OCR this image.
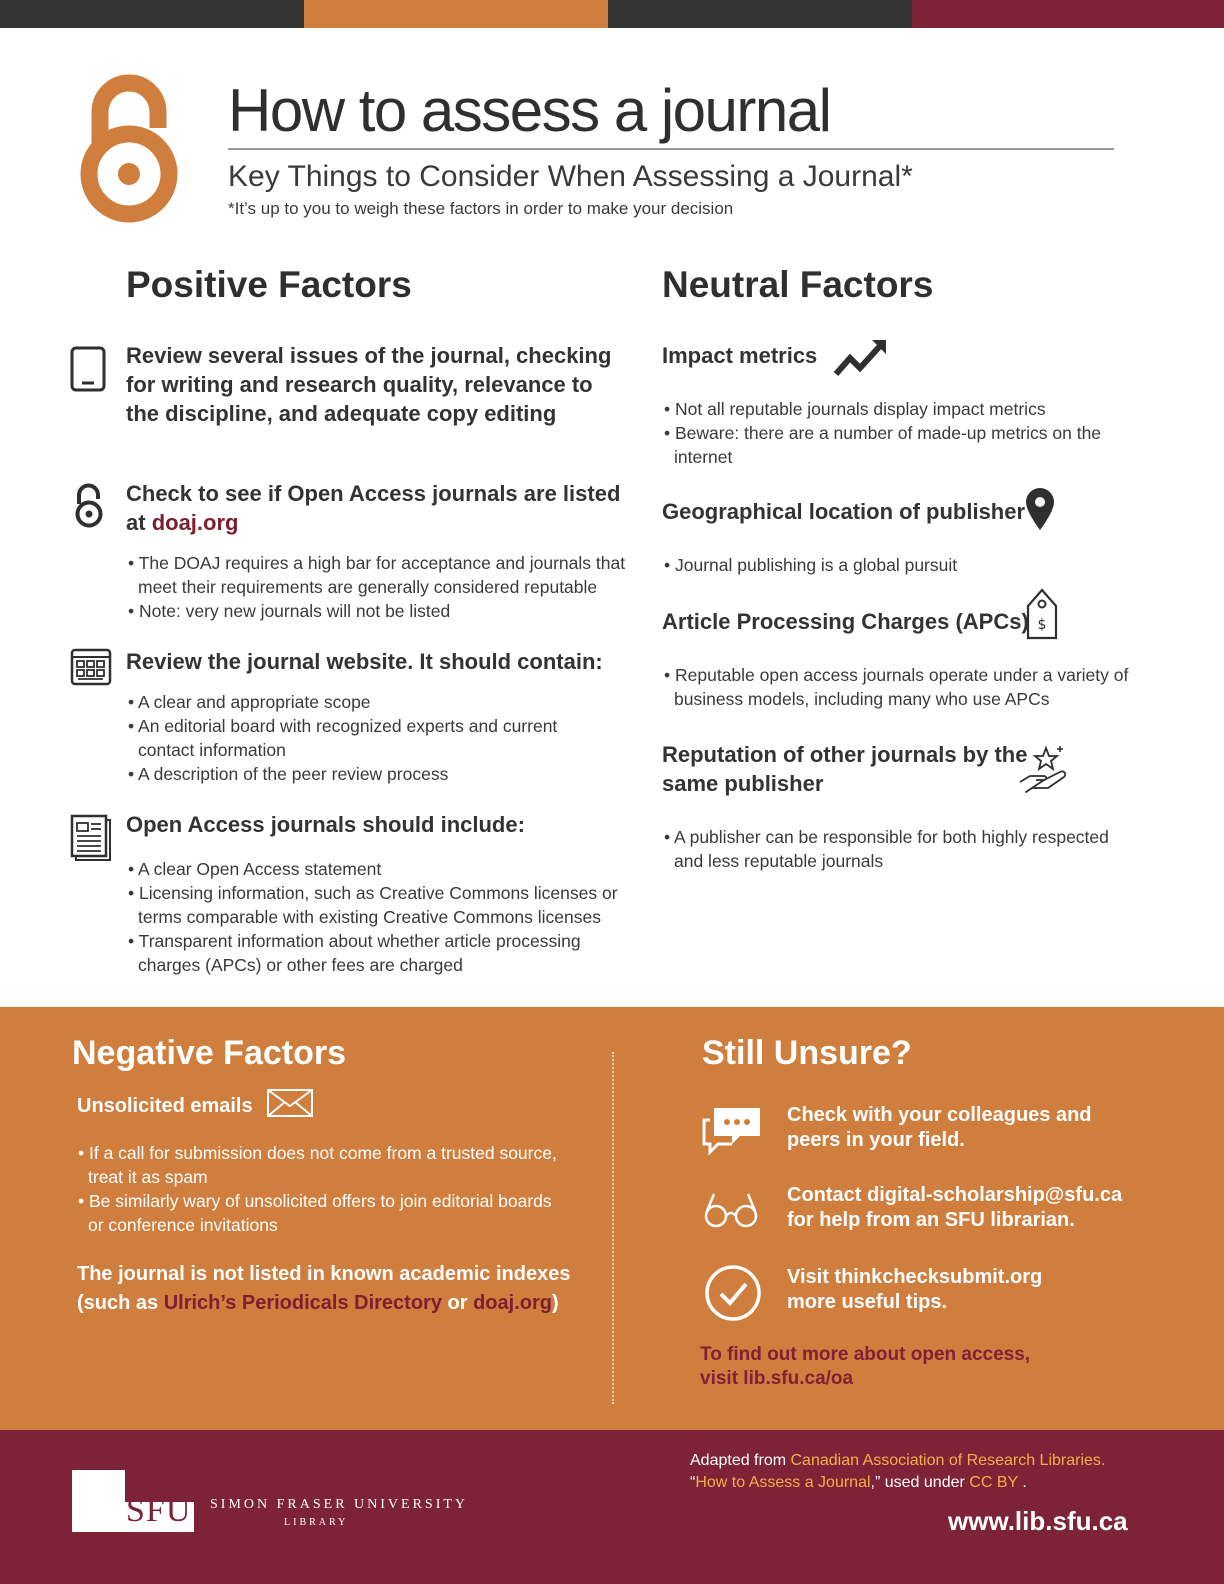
How to assess a journal
Key Things to Consider When Assessing a Journal*
*It’s up to you to weigh these factors in order to make your decision
Positive Factors
Review several issues of the journal, checking for writing and research quality, relevance to the discipline, and adequate copy editing
Check to see if Open Access journals are listed at doaj.org
• The DOAJ requires a high bar for acceptance and journals that meet their requirements are generally considered reputable
• Note: very new journals will not be listed
Review the journal website. It should contain:
• A clear and appropriate scope
• An editorial board with recognized experts and current contact information
• A description of the peer review process
Open Access journals should include:
• A clear Open Access statement
• Licensing information, such as Creative Commons licenses or terms comparable with existing Creative Commons licenses
• Transparent information about whether article processing charges (APCs) or other fees are charged
Neutral Factors
Impact metrics
• Not all reputable journals display impact metrics
• Beware: there are a number of made-up metrics on the internet
Geographical location of publisher
• Journal publishing is a global pursuit
Article Processing Charges (APCs) $
• Reputable open access journals operate under a variety of business models, including many who use APCs
Reputation of other journals by the same publisher
• A publisher can be responsible for both highly respected and less reputable journals
Negative Factors
Unsolicited emails
• If a call for submission does not come from a trusted source, treat it as spam
• Be similarly wary of unsolicited offers to join editorial boards or conference invitations
The journal is not listed in known academic indexes
(such as Ulrich’s Periodicals Directory or doaj.org)
Still Unsure?
Check with your colleagues and peers in your field.
Contact digital-scholarship@sfu.ca for help from an SFU librarian.
Visit thinkchecksubmit.org more useful tips.
To find out more about open access,
visit lib.sfu.ca/oa
SFU SIMON FRASER UNIVERSITY
LIBRARY
Adapted from Canadian Association of Research Libraries.
“How to Assess a Journal,” used under CC BY .
www.lib.sfu.ca
